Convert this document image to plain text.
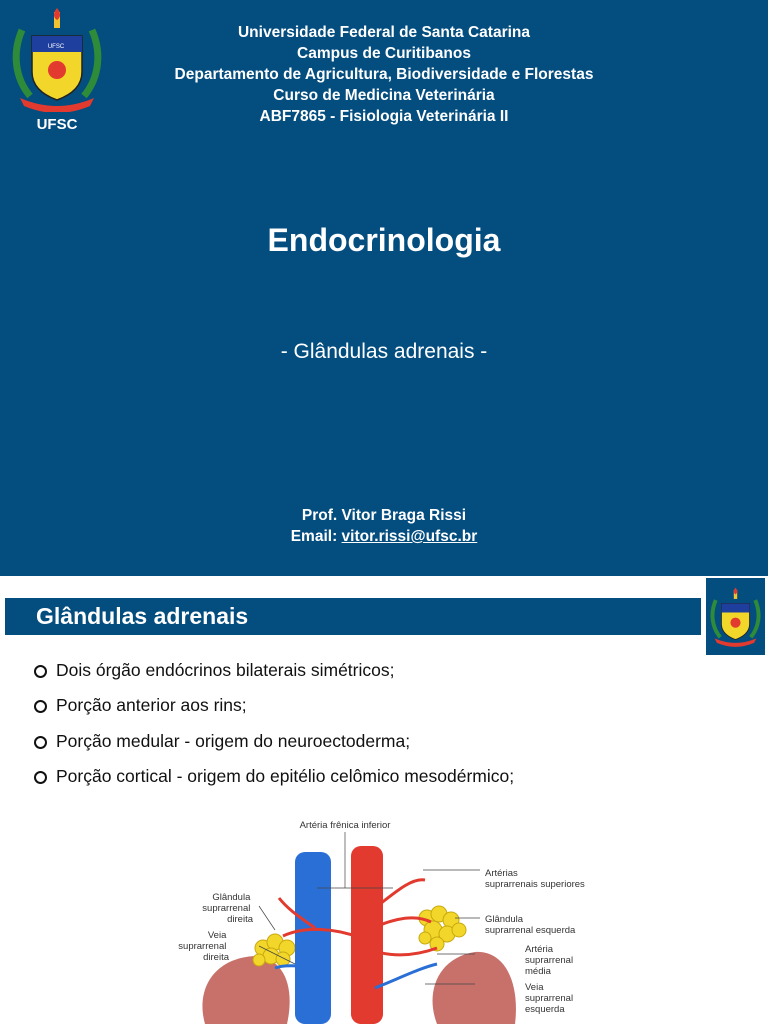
UFSC
UFSC
Universidade Federal de Santa Catarina
Campus de Curitibanos
Departamento de Agricultura, Biodiversidade e Florestas
Curso de Medicina Veterinária
ABF7865 - Fisiologia Veterinária II
Endocrinologia
- Glândulas adrenais -
Prof. Vitor Braga Rissi
Email: vitor.rissi@ufsc.br
Glândulas adrenais
Dois órgão endócrinos bilaterais simétricos;
Porção anterior aos rins;
Porção medular - origem do neuroectoderma;
Porção cortical - origem do epitélio celômico mesodérmico;
Artéria frênica inferior
Glândula suprarrenal direita
Veia suprarrenal direita
Artérias suprarrenais superiores
Glândula suprarrenal esquerda
Artéria suprarrenal média
Veia suprarrenal esquerda
